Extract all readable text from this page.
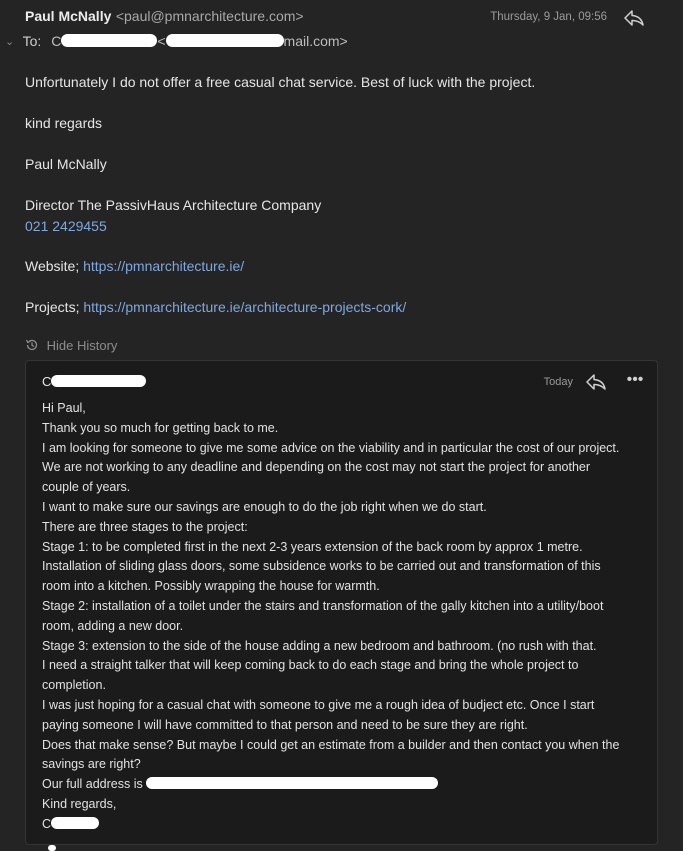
Paul McNally <paul@pmnarchitecture.com>	Thursday, 9 Jan, 09:56
⌄ To: C	<	mail.com>

Unfortunately I do not offer a free casual chat service. Best of luck with the project.

kind regards

Paul McNally

Director The PassivHaus Architecture Company
021 2429455

Website; https://pmnarchitecture.ie/

Projects; https://pmnarchitecture.ie/architecture-projects-cork/

Hide History
C	Today	•••
Hi Paul,
Thank you so much for getting back to me.
I am looking for someone to give me some advice on the viability and in particular the cost of our project.
We are not working to any deadline and depending on the cost may not start the project for another
couple of years.
I want to make sure our savings are enough to do the job right when we do start.
There are three stages to the project:
Stage 1: to be completed first in the next 2-3 years extension of the back room by approx 1 metre.
Installation of sliding glass doors, some subsidence works to be carried out and transformation of this
room into a kitchen. Possibly wrapping the house for warmth.
Stage 2: installation of a toilet under the stairs and transformation of the gally kitchen into a utility/boot
room, adding a new door.
Stage 3: extension to the side of the house adding a new bedroom and bathroom. (no rush with that.
I need a straight talker that will keep coming back to do each stage and bring the whole project to
completion.
I was just hoping for a casual chat with someone to give me a rough idea of budject etc. Once I start
paying someone I will have committed to that person and need to be sure they are right.
Does that make sense? But maybe I could get an estimate from a builder and then contact you when the
savings are right?
Our full address is
Kind regards,
C
